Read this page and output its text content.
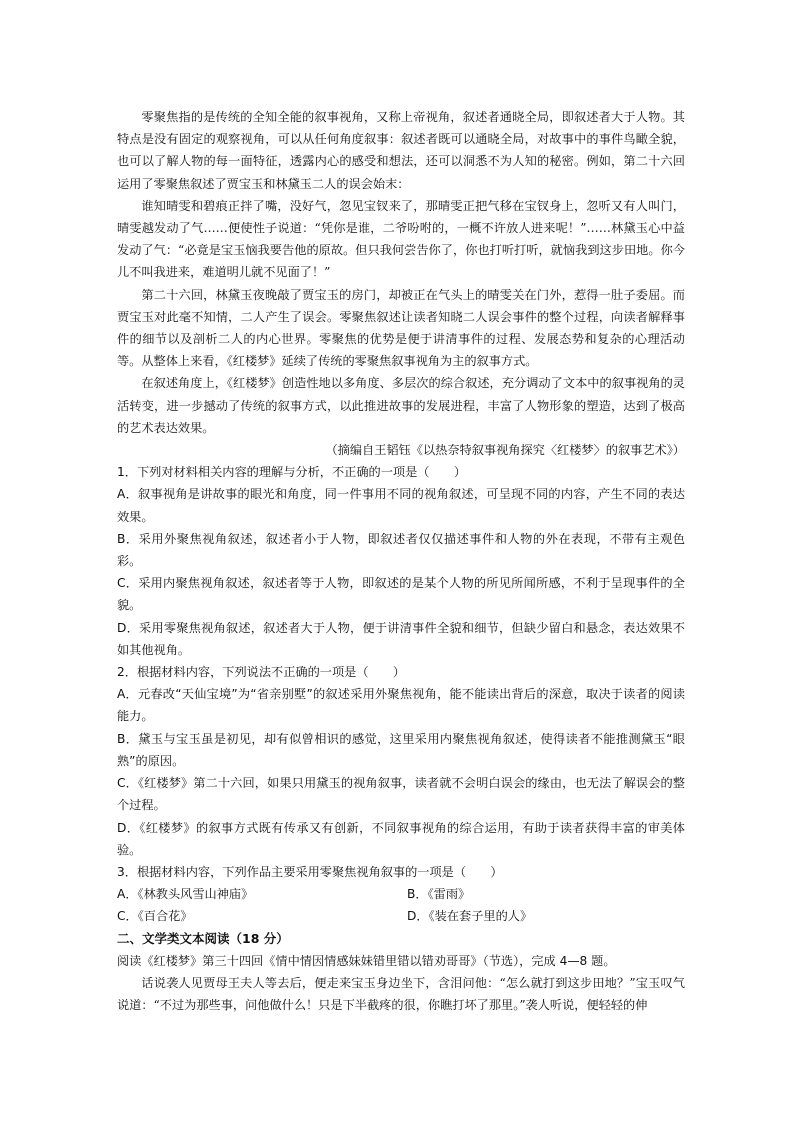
零聚焦指的是传统的全知全能的叙事视角，又称上帝视角，叙述者通晓全局，即叙述者大于人物。其特点是没有固定的观察视角，可以从任何角度叙事：叙述者既可以通晓全局，对故事中的事件鸟瞰全貌，也可以了解人物的每一面特征，透露内心的感受和想法，还可以洞悉不为人知的秘密。例如，第二十六回运用了零聚焦叙述了贾宝玉和林黛玉二人的误会始末：

谁知晴雯和碧痕正拌了嘴，没好气，忽见宝钗来了，那晴雯正把气移在宝钗身上，忽听又有人叫门，晴雯越发动了气……便使性子说道：“凭你是谁，二爷吩咐的，一概不许放人进来呢！”……林黛玉心中益发动了气：“必竟是宝玉恼我要告他的原故。但只我何尝告你了，你也打听打听，就恼我到这步田地。你今儿不叫我进来，难道明儿就不见面了！”

第二十六回，林黛玉夜晚敲了贾宝玉的房门，却被正在气头上的晴雯关在门外，惹得一肚子委屈。而贾宝玉对此毫不知情，二人产生了误会。零聚焦叙述让读者知晓二人误会事件的整个过程，向读者解释事件的细节以及剖析二人的内心世界。零聚焦的优势是便于讲清事件的过程、发展态势和复杂的心理活动等。从整体上来看，《红楼梦》延续了传统的零聚焦叙事视角为主的叙事方式。

在叙述角度上，《红楼梦》创造性地以多角度、多层次的综合叙述，充分调动了文本中的叙事视角的灵活转变，进一步撼动了传统的叙事方式，以此推进故事的发展进程，丰富了人物形象的塑造，达到了极高的艺术表达效果。

（摘编自王韬钰《以热奈特叙事视角探究〈红楼梦〉的叙事艺术》）

1．下列对材料相关内容的理解与分析，不正确的一项是（　　）

A．叙事视角是讲故事的眼光和角度，同一件事用不同的视角叙述，可呈现不同的内容，产生不同的表达效果。

B．采用外聚焦视角叙述，叙述者小于人物，即叙述者仅仅描述事件和人物的外在表现，不带有主观色彩。

C．采用内聚焦视角叙述，叙述者等于人物，即叙述的是某个人物的所见所闻所感，不利于呈现事件的全貌。

D．采用零聚焦视角叙述，叙述者大于人物，便于讲清事件全貌和细节，但缺少留白和悬念，表达效果不如其他视角。

2．根据材料内容，下列说法不正确的一项是（　　）

A．元春改“天仙宝境”为“省亲别墅”的叙述采用外聚焦视角，能不能读出背后的深意，取决于读者的阅读能力。

B．黛玉与宝玉虽是初见，却有似曾相识的感觉，这里采用内聚焦视角叙述，使得读者不能推测黛玉“眼熟”的原因。

C．《红楼梦》第二十六回，如果只用黛玉的视角叙事，读者就不会明白误会的缘由，也无法了解误会的整个过程。

D．《红楼梦》的叙事方式既有传承又有创新，不同叙事视角的综合运用，有助于读者获得丰富的审美体验。

3．根据材料内容，下列作品主要采用零聚焦视角叙事的一项是（　　）

A．《林教头风雪山神庙》	B．《雷雨》
C．《百合花》	D．《装在套子里的人》

二、文学类文本阅读（18 分）

阅读《红楼梦》第三十四回《情中情因情感妹妹错里错以错劝哥哥》（节选），完成 4—8 题。

话说袭人见贾母王夫人等去后，便走来宝玉身边坐下，含泪问他：“怎么就打到这步田地？”宝玉叹气说道：“不过为那些事，问他做什么！只是下半截疼的很，你瞧打坏了那里。”袭人听说，便轻轻的伸
